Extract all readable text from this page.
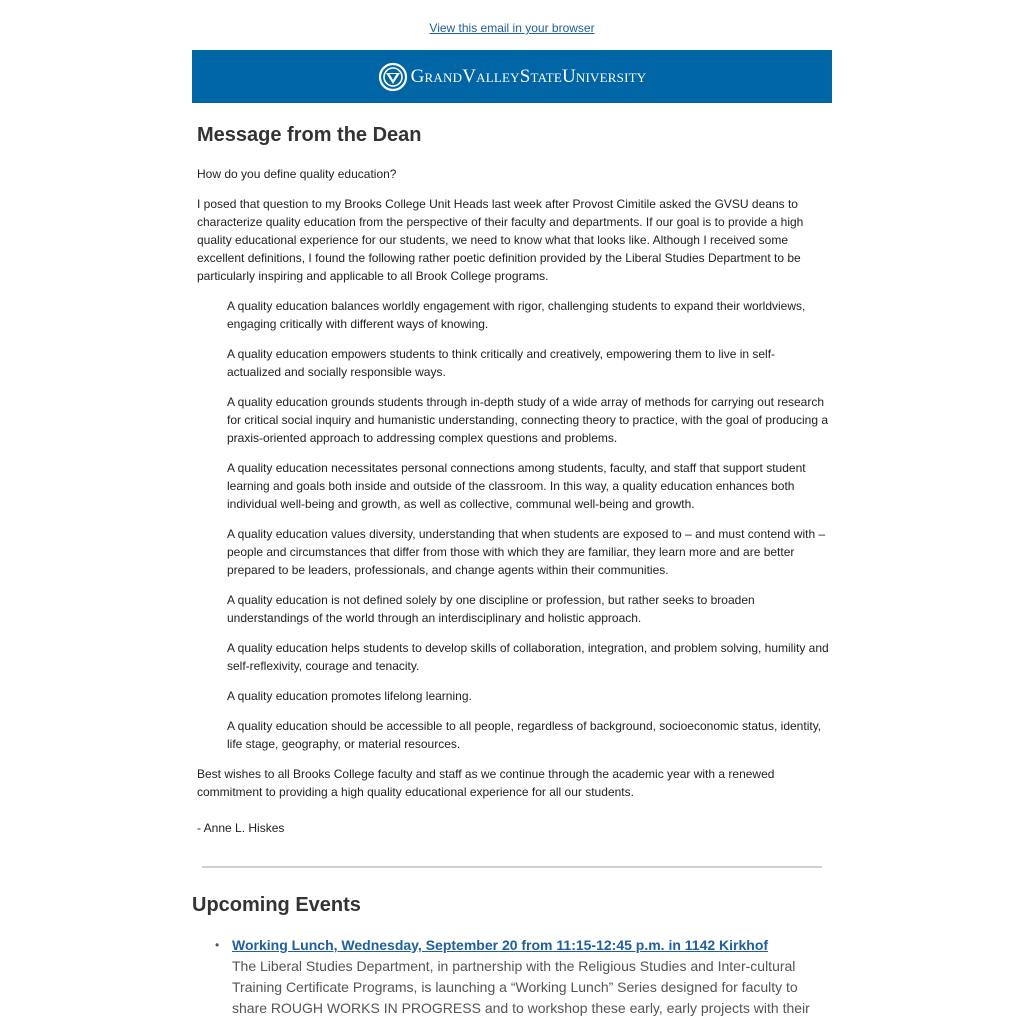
View this email in your browser
GrandValleyStateUniversity
Message from the Dean

How do you define quality education?

I posed that question to my Brooks College Unit Heads last week after Provost Cimitile asked the GVSU deans to characterize quality education from the perspective of their faculty and departments. If our goal is to provide a high quality educational experience for our students, we need to know what that looks like. Although I received some excellent definitions, I found the following rather poetic definition provided by the Liberal Studies Department to be particularly inspiring and applicable to all Brook College programs.

A quality education balances worldly engagement with rigor, challenging students to expand their worldviews, engaging critically with different ways of knowing.

A quality education empowers students to think critically and creatively, empowering them to live in self-actualized and socially responsible ways.

A quality education grounds students through in-depth study of a wide array of methods for carrying out research for critical social inquiry and humanistic understanding, connecting theory to practice, with the goal of producing a praxis-oriented approach to addressing complex questions and problems.

A quality education necessitates personal connections among students, faculty, and staff that support student learning and goals both inside and outside of the classroom. In this way, a quality education enhances both individual well-being and growth, as well as collective, communal well-being and growth.

A quality education values diversity, understanding that when students are exposed to – and must contend with – people and circumstances that differ from those with which they are familiar, they learn more and are better prepared to be leaders, professionals, and change agents within their communities.

A quality education is not defined solely by one discipline or profession, but rather seeks to broaden understandings of the world through an interdisciplinary and holistic approach.

A quality education helps students to develop skills of collaboration, integration, and problem solving, humility and self-reflexivity, courage and tenacity.

A quality education promotes lifelong learning.

A quality education should be accessible to all people, regardless of background, socioeconomic status, identity, life stage, geography, or material resources.

Best wishes to all Brooks College faculty and staff as we continue through the academic year with a renewed commitment to providing a high quality educational experience for all our students.

- Anne L. Hiskes

Upcoming Events
• Working Lunch, Wednesday, September 20 from 11:15-12:45 p.m. in 1142 Kirkhof

The Liberal Studies Department, in partnership with the Religious Studies and Inter-cultural Training Certificate Programs, is launching a “Working Lunch” Series designed for faculty to share ROUGH WORKS IN PROGRESS and to workshop these early, early projects with their
